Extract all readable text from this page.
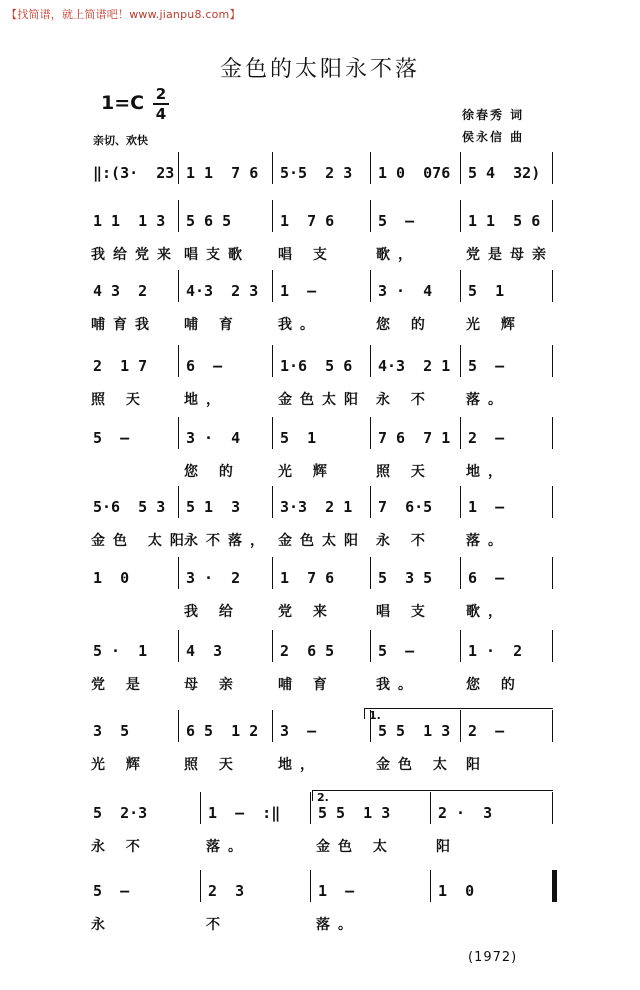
【找简谱，就上简谱吧！www.jianpu8.com】
金色的太阳永不落
1=C 2
4
亲切、欢快
徐春秀 词
侯永信 曲
‖:(3·  23 1 1  7 6 5·5  2 3 1 0  076 5 4  32)
1 1  1 3 5 6 5	1  7 6	5  —	1 1  5 6
我给党来 唱支歌 唱 支	歌，	党是母亲
4 3  2	4·3  2 3 1  —	3 ·  4 5  1
哺育我 哺 育	我。	您 的 光 辉
2  1 7	6  —	1·6  5 6 4·3  2 1 5  —
照 天	地，	金色太阳 永 不 落。
5  —	3 ·  4	5  1	7 6  7 1 2  —
您 的	光 辉	照 天 地，
5·6  5 3 5 1  3	3·3  2 1 7  6·5 1  —
金色 太阳
永不落， 金色太阳 永 不 落。
1  0	3 ·  2	1  7 6	5  3 5 6  —
我 给	党 来	唱 支 歌，
5 ·  1	4  3	2  6 5	5  —	1 ·  2
党 是	母 亲	哺 育	我。	您 的
3  5	6 5  1 2 3  —	5 5  1 3 2  —
光 辉	照 天	地，	金色 太 阳
5  2·3	1  —  :‖	5 5  1 3	2 ·  3
永 不	落。	金色 太	阳
5  —	2  3	1  —	1  0
永	不	落。
1.
2.
(1972)
